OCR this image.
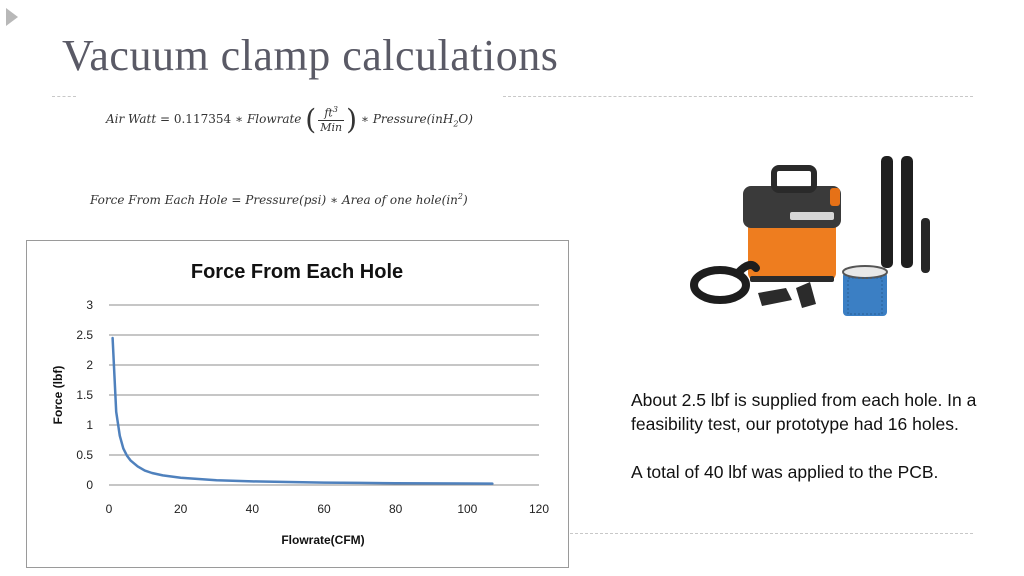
Vacuum clamp calculations
Air Watt = 0.117354 ∗ Flowrate ( $\frac{ft^3}{\text{Min}}$ ) ∗ Pressure(inH$_2$O)
Force From Each Hole = Pressure(psi) ∗ Area of one $hole(in^2)$
Force From Each Hole
0
0.5
1
1.5
2
2.5
3
0	20	40	60	80	100	120
Flowrate(CFM)
Force (lbf)	About 2.5 lbf is supplied from each hole. In a feasibility test, our prototype had 16 holes.

A total of 40 lbf was applied to the PCB.
